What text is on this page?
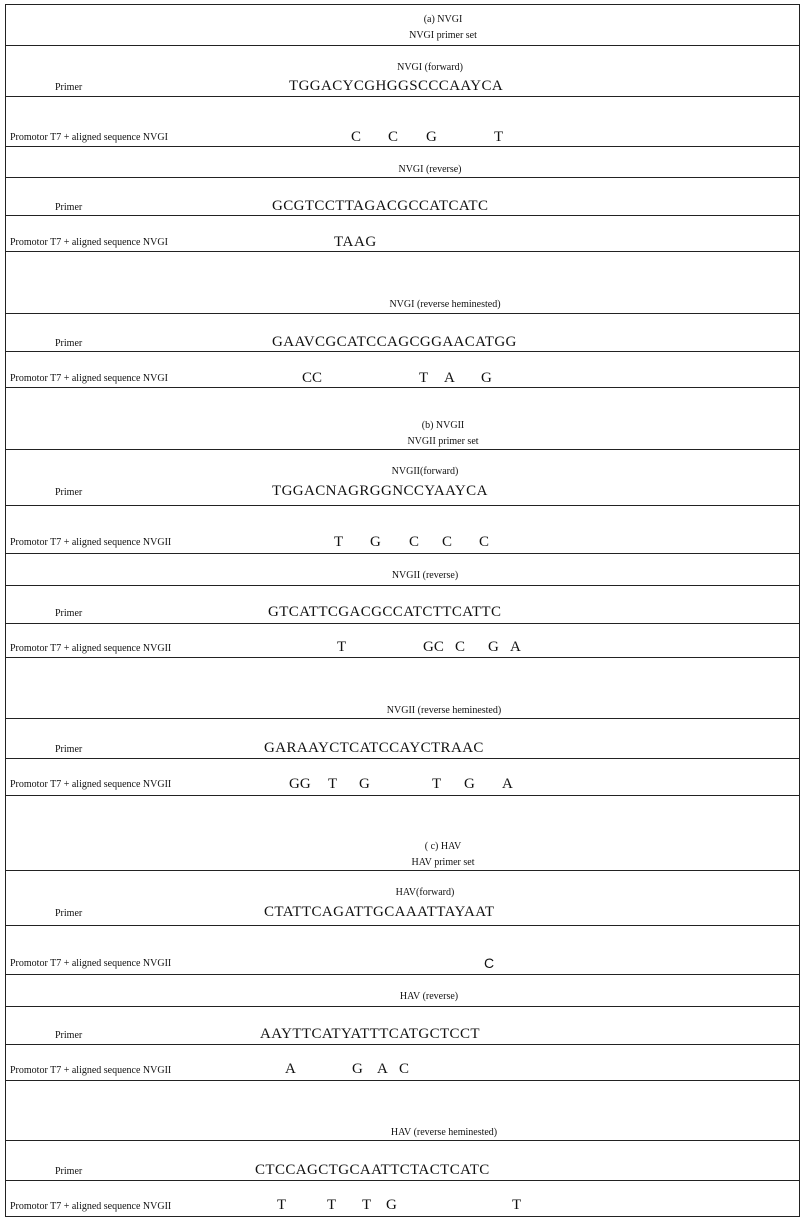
(a) NVGI
NVGI primer set
NVGI (forward)
Primer	TGGACYCGHGGSCCCAAYCA
Promotor T7 + aligned sequence NVGI	C C G	T
NVGI (reverse)
Primer	GCGTCCTTAGACGCCATCATC
Promotor T7 + aligned sequence NVGI	TAAG
NVGI (reverse heminested)
Primer	GAAVCGCATCCAGCGGAACATGG
Promotor T7 + aligned sequence NVGI	CC	T A G
(b) NVGII
NVGII primer set
NVGII(forward)
Primer	TGGACNAGRGGNCCYAAYCA
Promotor T7 + aligned sequence NVGII	T G C C C
NVGII (reverse)
Primer	GTCATTCGACGCCATCTTCATTC
Promotor T7 + aligned sequence NVGII	T	GC C G A
NVGII (reverse heminested)
Primer	GARAAYCTCATCCAYCTRAAC
Promotor T7 + aligned sequence NVGII	GG T G	T G A
( c) HAV
HAV primer set
HAV(forward)
Primer	CTATTCAGATTGCAAATTAYAAT
Promotor T7 + aligned sequence NVGII	C
HAV (reverse)
Primer	AAYTTCATYATTTCATGCTCCT
Promotor T7 + aligned sequence NVGII	A	G A C
HAV (reverse heminested)
Primer	CTCCAGCTGCAATTCTACTCATC
Promotor T7 + aligned sequence NVGII	T	T T G	T
